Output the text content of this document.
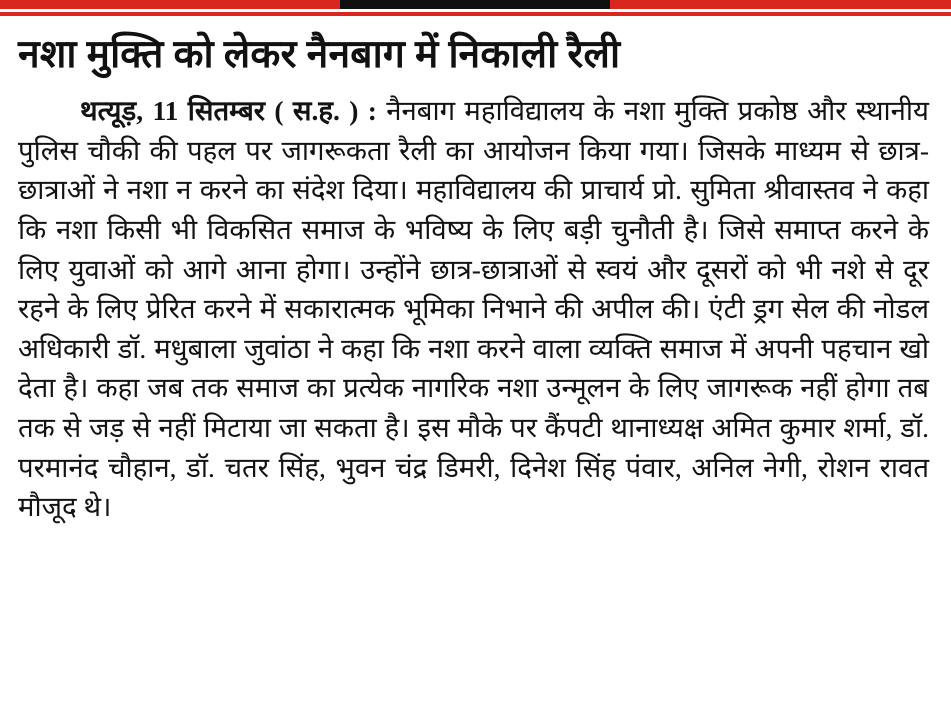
नशा मुक्ति को लेकर नैनबाग में निकाली रैली

थत्यूड़, 11 सितम्बर ( स.ह. ) : नैनबाग महाविद्यालय के नशा मुक्ति प्रकोष्ठ और स्थानीय पुलिस चौकी की पहल पर जागरूकता रैली का आयोजन किया गया। जिसके माध्यम से छात्र-छात्राओं ने नशा न करने का संदेश दिया। महाविद्यालय की प्राचार्य प्रो. सुमिता श्रीवास्तव ने कहा कि नशा किसी भी विकसित समाज के भविष्य के लिए बड़ी चुनौती है। जिसे समाप्त करने के लिए युवाओं को आगे आना होगा। उन्होंने छात्र-छात्राओं से स्वयं और दूसरों को भी नशे से दूर रहने के लिए प्रेरित करने में सकारात्मक भूमिका निभाने की अपील की। एंटी ड्रग सेल की नोडल अधिकारी डॉ. मधुबाला जुवांठा ने कहा कि नशा करने वाला व्यक्ति समाज में अपनी पहचान खो देता है। कहा जब तक समाज का प्रत्येक नागरिक नशा उन्मूलन के लिए जागरूक नहीं होगा तब तक से जड़ से नहीं मिटाया जा सकता है। इस मौके पर कैंपटी थानाध्यक्ष अमित कुमार शर्मा, डॉ. परमानंद चौहान, डॉ. चतर सिंह, भुवन चंद्र डिमरी, दिनेश सिंह पंवार, अनिल नेगी, रोशन रावत मौजूद थे।
